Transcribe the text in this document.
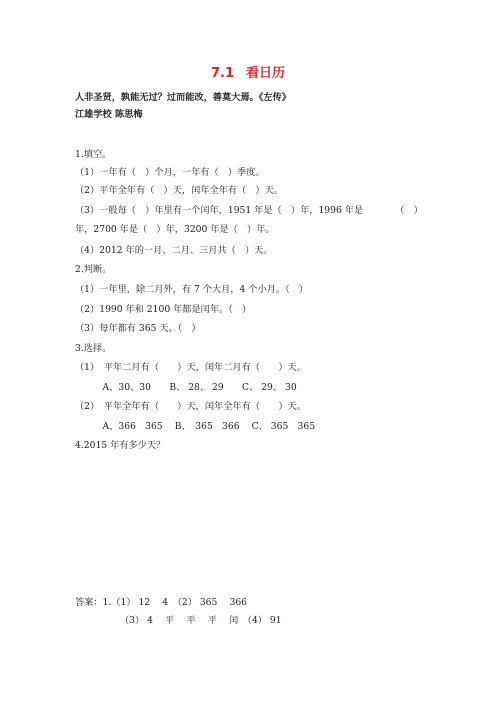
7.1 看日历
人非圣贤，孰能无过？过而能改，善莫大焉。《左传》
江雄学校 陈思梅
1.填空。
（1）一年有（　）个月，一年有（　）季度。
（2）平年全年有（　）天，闰年全年有（　）天。
（3）一般每（　）年里有一个闰年，1951 年是（　）年，1996 年是　　　　（　）
年，2700 年是（　）年，3200 年是（　）年。
（4）2012 年的一月、二月、三月共（　）天。
2.判断。
（1）一年里，除二月外，有 7 个大月，4 个小月。（　）
（2）1990 年和 2100 年都是闰年。（　）
（3）每年都有 365 天。（　）
3.选择。
（1）　平年二月有（　　）天，闰年二月有（　　）天。
　　　A、30、30　　B、 28、 29　　C、 29、 30
（2）　平年全年有（　　）天，闰年全年有（　　）天。
　　　A、366　365　 B、　365　366　 C、 365　365
4.2015 年有多少天？
答案：1.（1） 12　 4　（2） 365　 366
（3） 4　 平　 平　 平　 闰　（4） 91
